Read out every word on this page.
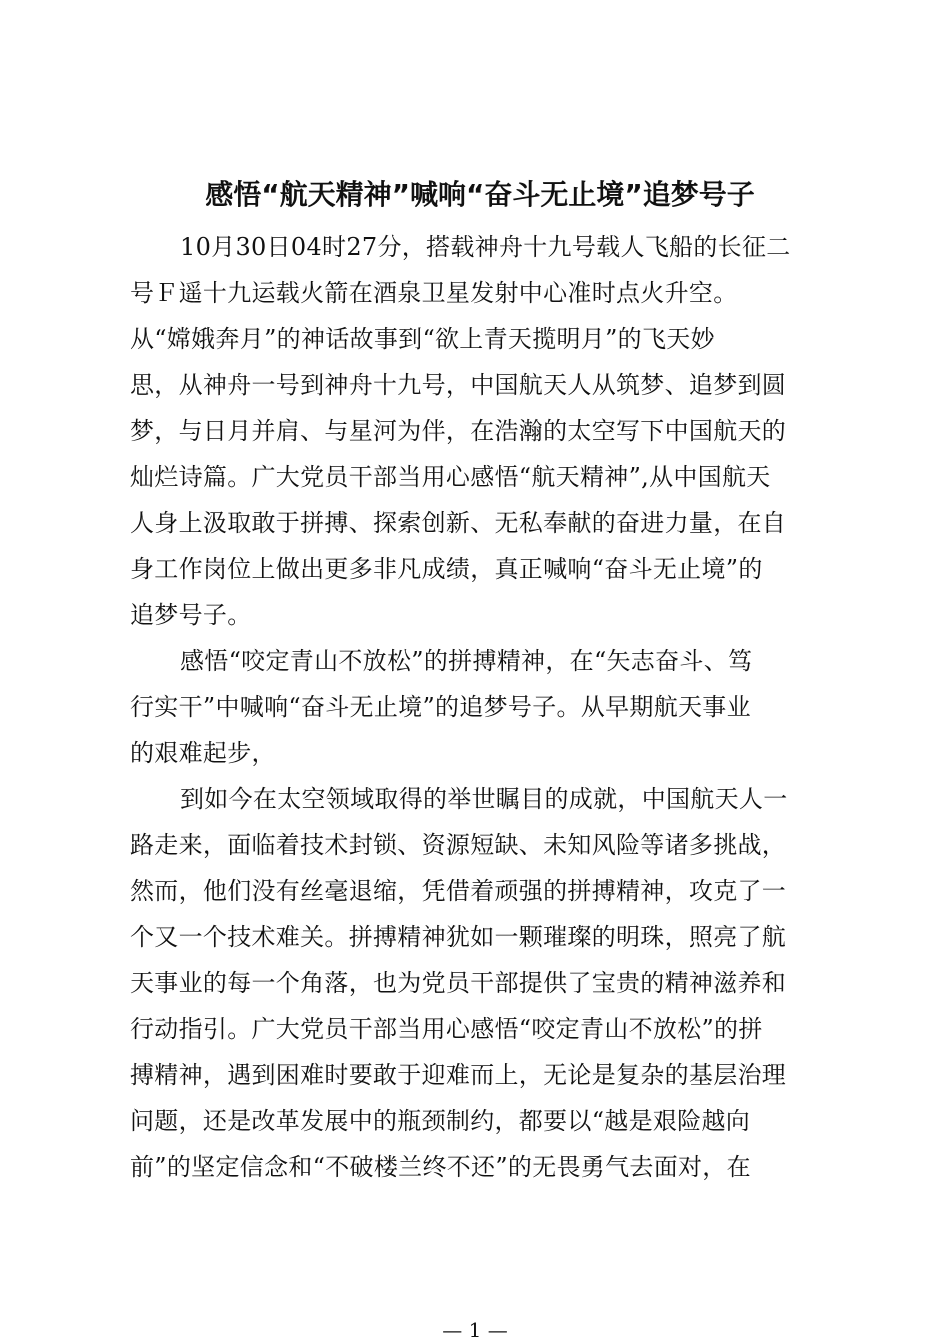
感悟“航天精神”喊响“奋斗无止境”追梦号子
10月30日04时27分，搭载神舟十九号载人飞船的长征二
号Ｆ遥十九运载火箭在酒泉卫星发射中心准时点火升空。
从“嫦娥奔月”的神话故事到“欲上青天揽明月”的飞天妙
思，从神舟一号到神舟十九号，中国航天人从筑梦、追梦到圆
梦，与日月并肩、与星河为伴，在浩瀚的太空写下中国航天的
灿烂诗篇。广大党员干部当用心感悟“航天精神”,从中国航天
人身上汲取敢于拼搏、探索创新、无私奉献的奋进力量，在自
身工作岗位上做出更多非凡成绩，真正喊响“奋斗无止境”的
追梦号子。
感悟“咬定青山不放松”的拼搏精神，在“矢志奋斗、笃
行实干”中喊响“奋斗无止境”的追梦号子。从早期航天事业
的艰难起步，
到如今在太空领域取得的举世瞩目的成就，中国航天人一
路走来，面临着技术封锁、资源短缺、未知风险等诸多挑战，
然而，他们没有丝毫退缩，凭借着顽强的拼搏精神，攻克了一
个又一个技术难关。拼搏精神犹如一颗璀璨的明珠，照亮了航
天事业的每一个角落，也为党员干部提供了宝贵的精神滋养和
行动指引。广大党员干部当用心感悟“咬定青山不放松”的拼
搏精神，遇到困难时要敢于迎难而上，无论是复杂的基层治理
问题，还是改革发展中的瓶颈制约，都要以“越是艰险越向
前”的坚定信念和“不破楼兰终不还”的无畏勇气去面对，在
— 1 —
